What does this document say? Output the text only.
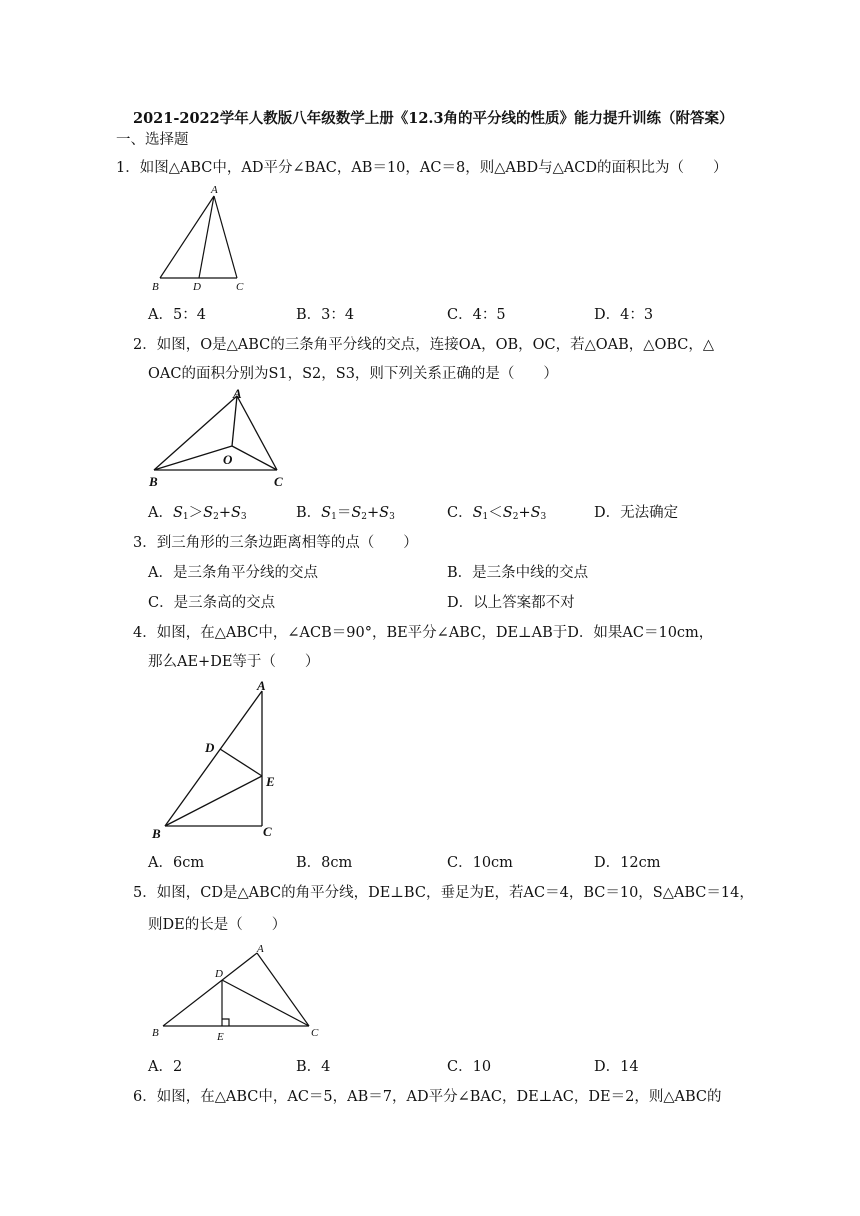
2021-2022学年人教版八年级数学上册《12.3角的平分线的性质》能力提升训练（附答案）
一、选择题
1．如图△ABC中，AD平分∠BAC，AB＝10，AC＝8，则△ABD与△ACD的面积比为（　　）
A
B	D	C
A．5：4	B．3：4	C．4：5	D．4：3
2．如图，O是△ABC的三条角平分线的交点，连接OA，OB，OC，若△OAB，△OBC，△
OAC的面积分别为S1，S2，S3，则下列关系正确的是（　　）
A
B	C
O
A．$S_1>S_2+S_3$	B．$S_1=S_2+S_3$	C．$S_1<S_2+S_3$	D．无法确定
3．到三角形的三条边距离相等的点（　　）
A．是三条角平分线的交点	B．是三条中线的交点
C．是三条高的交点	D．以上答案都不对
4．如图，在△ABC中，∠ACB＝90°，BE平分∠ABC，DE⊥AB于D．如果AC＝10cm，
那么AE+DE等于（　　）
A
D
E
B	C
A．6cm	B．8cm	C．10cm	D．12cm
5．如图，CD是△ABC的角平分线，DE⊥BC，垂足为E，若AC＝4，BC＝10，S△ABC＝14，
则DE的长是（　　）
A
D
B	E	C
A．2	B．4	C．10	D．14
6．如图，在△ABC中，AC＝5，AB＝7，AD平分∠BAC，DE⊥AC，DE＝2，则△ABC的
